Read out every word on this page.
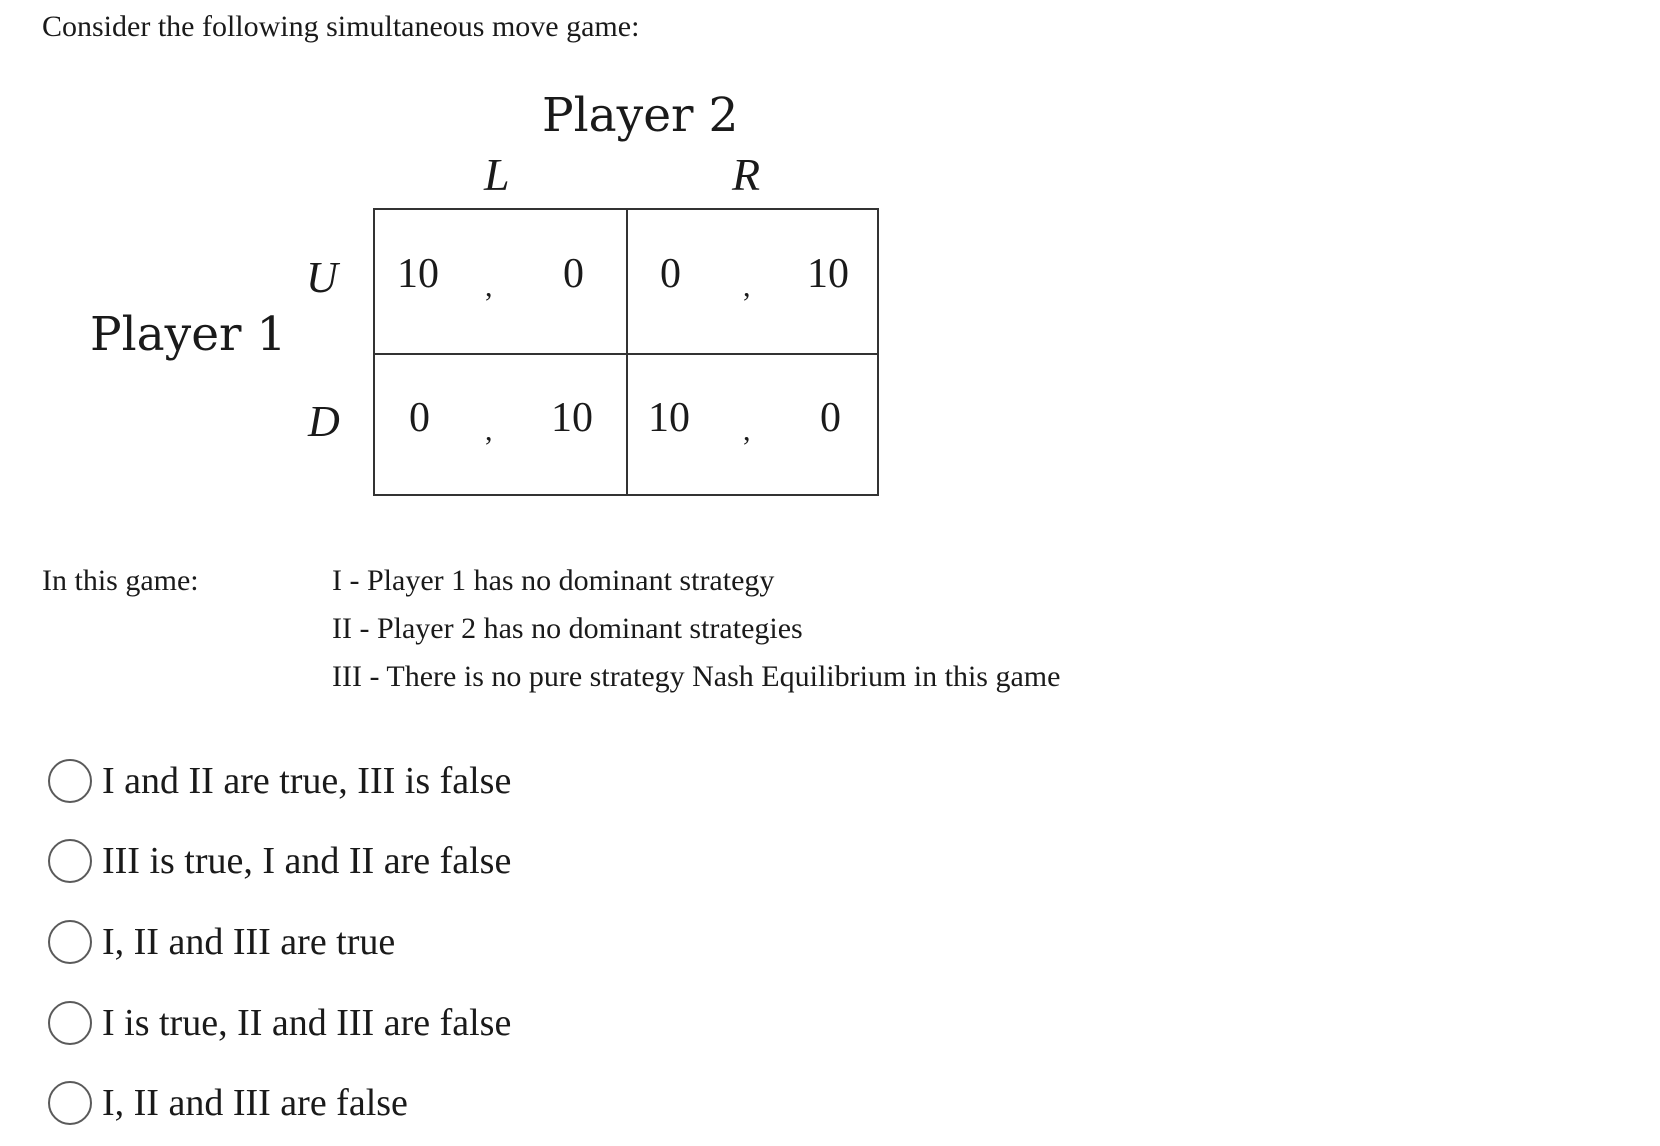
Consider the following simultaneous move game:
Player 2
L	R
Player 1
U
D
10 , 0 0 , 10
0 , 10 10 , 0
In this game:	I - Player 1 has no dominant strategy
II - Player 2 has no dominant strategies
III - There is no pure strategy Nash Equilibrium in this game
I and II are true, III is false
III is true, I and II are false
I, II and III are true
I is true, II and III are false
I, II and III are false
